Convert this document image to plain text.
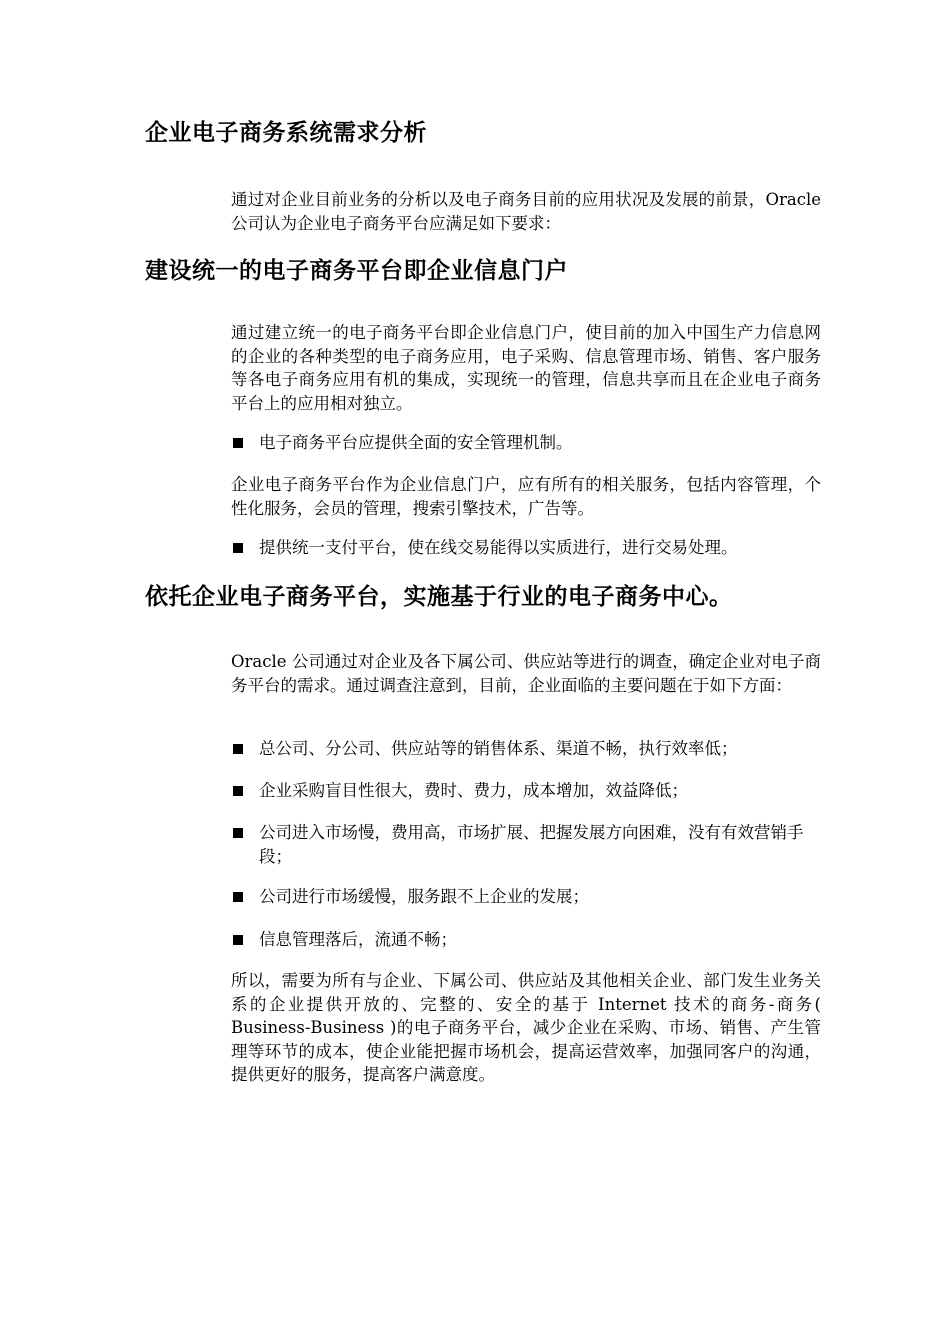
企业电子商务系统需求分析

通过对企业目前业务的分析以及电子商务目前的应用状况及发展的前景，Oracle 公司认为企业电子商务平台应满足如下要求：

建设统一的电子商务平台即企业信息门户

通过建立统一的电子商务平台即企业信息门户，使目前的加入中国生产力信息网的企业的各种类型的电子商务应用，电子采购、信息管理市场、销售、客户服务等各电子商务应用有机的集成，实现统一的管理，信息共享而且在企业电子商务平台上的应用相对独立。

电子商务平台应提供全面的安全管理机制。

企业电子商务平台作为企业信息门户，应有所有的相关服务，包括内容管理，个性化服务，会员的管理，搜索引擎技术，广告等。

提供统一支付平台，使在线交易能得以实质进行，进行交易处理。
依托企业电子商务平台，实施基于行业的电子商务中心。

Oracle 公司通过对企业及各下属公司、供应站等进行的调查，确定企业对电子商务平台的需求。通过调查注意到，目前，企业面临的主要问题在于如下方面：

总公司、分公司、供应站等的销售体系、渠道不畅，执行效率低；
企业采购盲目性很大，费时、费力，成本增加，效益降低；
公司进入市场慢，费用高，市场扩展、把握发展方向困难，没有有效营销手段；
公司进行市场缓慢，服务跟不上企业的发展；
信息管理落后，流通不畅；

所以，需要为所有与企业、下属公司、供应站及其他相关企业、部门发生业务关系的企业提供开放的、完整的、安全的基于 Internet 技术的商务-商务( Business-Business )的电子商务平台，减少企业在采购、市场、销售、产生管理等环节的成本，使企业能把握市场机会，提高运营效率，加强同客户的沟通，提供更好的服务，提高客户满意度。
